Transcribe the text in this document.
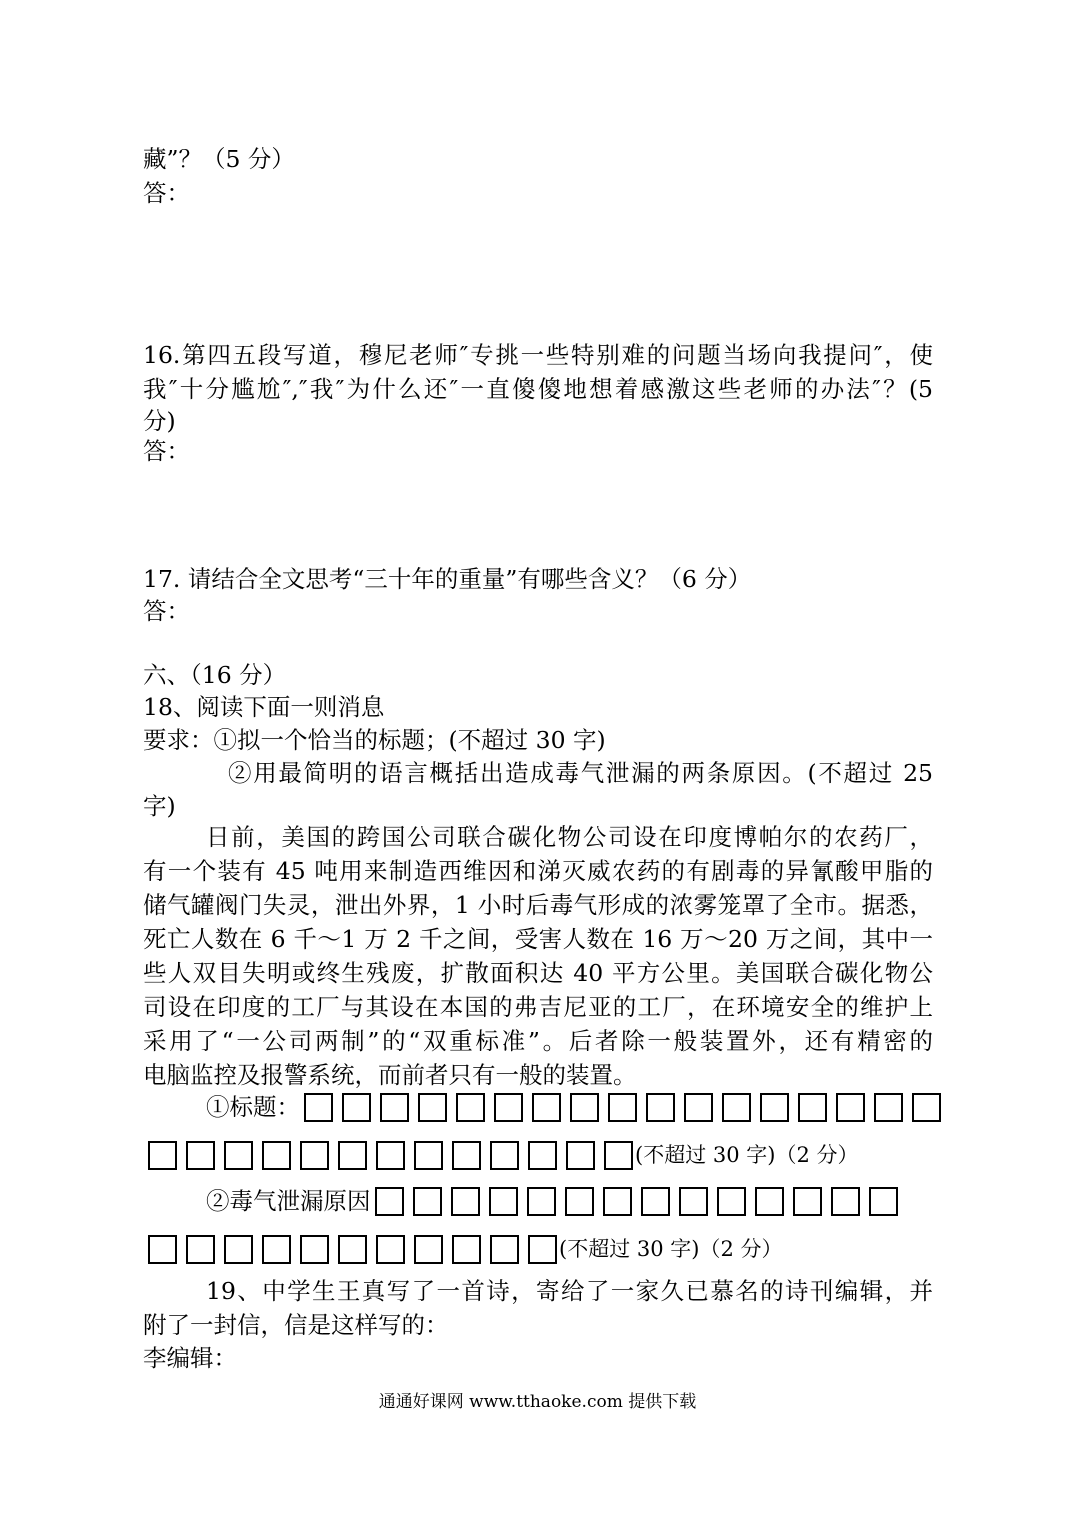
藏”？（5 分）
答：
16.第四五段写道，穆尼老师″专挑一些特别难的问题当场向我提问″，使
我″十分尴尬″,″我″为什么还″一直傻傻地想着感激这些老师的办法″？(5
分)
答：
17. 请结合全文思考“三十年的重量”有哪些含义？（6 分）
答：
六、（16 分）
18、阅读下面一则消息
要求：①拟一个恰当的标题；(不超过 30 字)
②用最简明的语言概括出造成毒气泄漏的两条原因。(不超过 25
字)
日前，美国的跨国公司联合碳化物公司设在印度博帕尔的农药厂，
有一个装有 45 吨用来制造西维因和涕灭威农药的有剧毒的异氰酸甲脂的
储气罐阀门失灵，泄出外界，1 小时后毒气形成的浓雾笼罩了全市。据悉，
死亡人数在 6 千～1 万 2 千之间，受害人数在 16 万～20 万之间，其中一
些人双目失明或终生残废，扩散面积达 40 平方公里。美国联合碳化物公
司设在印度的工厂与其设在本国的弗吉尼亚的工厂，在环境安全的维护上
采用了“一公司两制”的“双重标准”。后者除一般装置外，还有精密的
电脑监控及报警系统，而前者只有一般的装置。
①标题：
(不超过 30 字)（2 分）
②毒气泄漏原因
(不超过 30 字)（2 分）
19、中学生王真写了一首诗，寄给了一家久已慕名的诗刊编辑，并
附了一封信，信是这样写的：
李编辑：
通通好课网 www.tthaoke.com 提供下载
